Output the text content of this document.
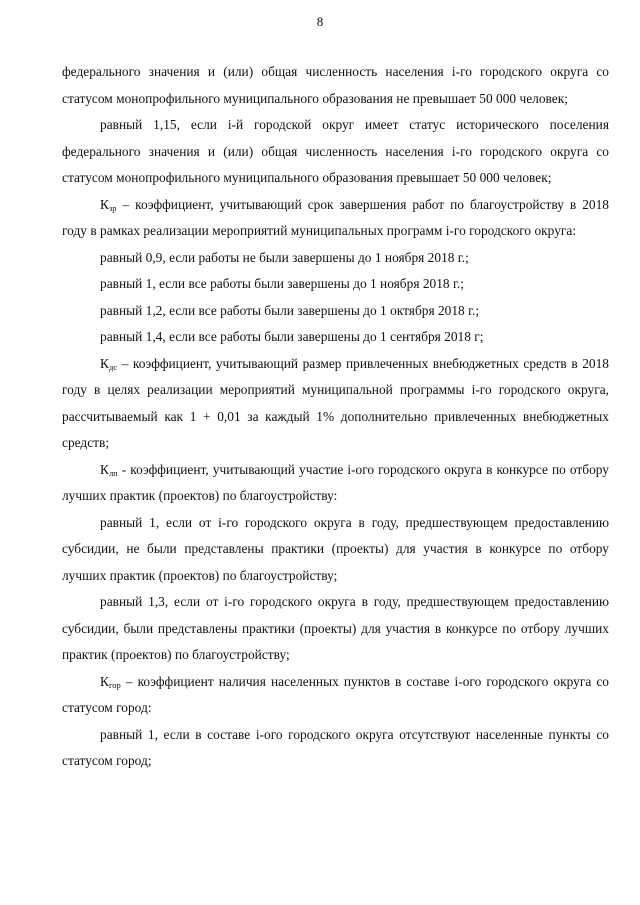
8

федерального значения и (или) общая численность населения i-го городского округа со статусом монопрофильного муниципального образования не превышает 50 000 человек;

равный 1,15, если i-й городской округ имеет статус исторического поселения федерального значения и (или) общая численность населения i-го городского округа со статусом монопрофильного муниципального образования превышает 50 000 человек;

$К_{зр}$ – коэффициент, учитывающий срок завершения работ по благоустройству в 2018 году в рамках реализации мероприятий муниципальных программ i-го городского округа:

равный 0,9, если работы не были завершены до 1 ноября 2018 г.;

равный 1, если все работы были завершены до 1 ноября 2018 г.;

равный 1,2, если все работы были завершены до 1 октября 2018 г.;

равный 1,4, если все работы были завершены до 1 сентября 2018 г;

$К_{дс}$ – коэффициент, учитывающий размер привлеченных внебюджетных средств в 2018 году в целях реализации мероприятий муниципальной программы i-го городского округа, рассчитываемый как 1 + 0,01 за каждый 1% дополнительно привлеченных внебюджетных средств;

$К_{лп}$ - коэффициент, учитывающий участие i-ого городского округа в конкурсе по отбору лучших практик (проектов) по благоустройству:

равный 1, если от i-го городского округа в году, предшествующем предоставлению субсидии, не были представлены практики (проекты) для участия в конкурсе по отбору лучших практик (проектов) по благоустройству;

равный 1,3, если от i-го городского округа в году, предшествующем предоставлению субсидии, были представлены практики (проекты) для участия в конкурсе по отбору лучших практик (проектов) по благоустройству;

$К_{гор}$ – коэффициент наличия населенных пунктов в составе i-ого городского округа со статусом город:

равный 1, если в составе i-ого городского округа отсутствуют населенные пункты со статусом город;
